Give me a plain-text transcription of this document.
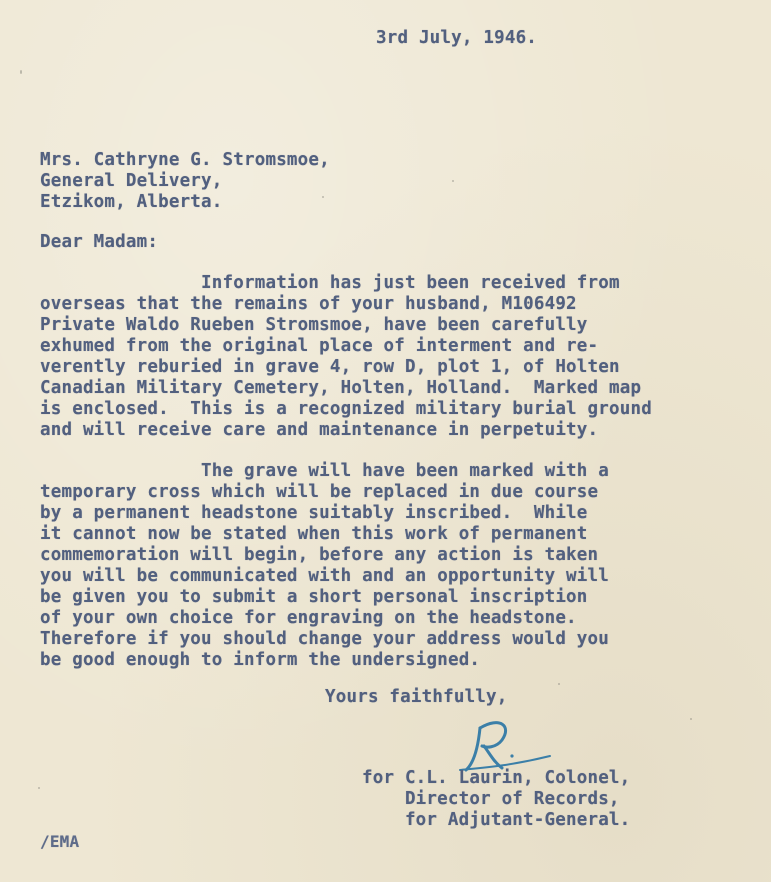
3rd July, 1946.
Mrs. Cathryne G. Stromsmoe,
General Delivery,
Etzikom, Alberta.
Dear Madam:
Information has just been received from
overseas that the remains of your husband, M106492
Private Waldo Rueben Stromsmoe, have been carefully
exhumed from the original place of interment and re-
verently reburied in grave 4, row D, plot 1, of Holten
Canadian Military Cemetery, Holten, Holland.  Marked map
is enclosed.  This is a recognized military burial ground
and will receive care and maintenance in perpetuity.
The grave will have been marked with a
temporary cross which will be replaced in due course
by a permanent headstone suitably inscribed.  While
it cannot now be stated when this work of permanent
commemoration will begin, before any action is taken
you will be communicated with and an opportunity will
be given you to submit a short personal inscription
of your own choice for engraving on the headstone.
Therefore if you should change your address would you
be good enough to inform the undersigned.
Yours faithfully,
for C.L. Laurin, Colonel,
Director of Records,
for Adjutant-General.
/EMA
